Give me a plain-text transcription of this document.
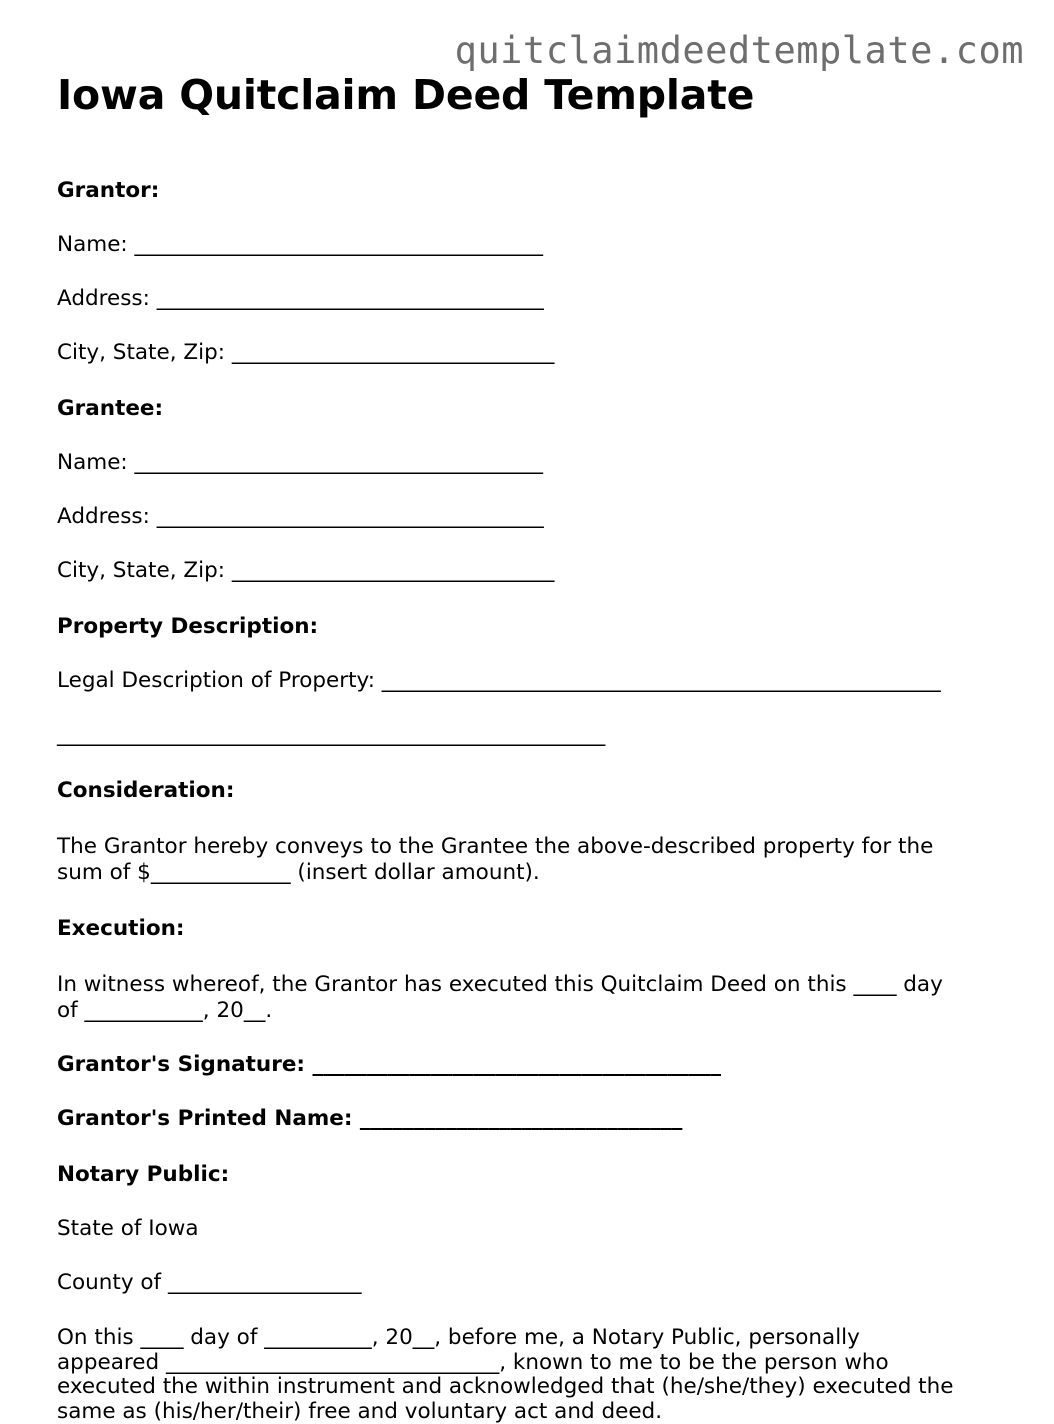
quitclaimdeedtemplate.com
Iowa Quitclaim Deed Template

Grantor:

Name: ______________________________________

Address: ____________________________________

City, State, Zip: ______________________________

Grantee:

Name: ______________________________________

Address: ____________________________________

City, State, Zip: ______________________________

Property Description:

Legal Description of Property: ____________________________________________________

___________________________________________________

Consideration:

The Grantor hereby conveys to the Grantee the above-described property for the sum of $_____________ (insert dollar amount).

Execution:

In witness whereof, the Grantor has executed this Quitclaim Deed on this ____ day of ___________, 20__.

Grantor's Signature: ______________________________________

Grantor's Printed Name: ______________________________

Notary Public:

State of Iowa

County of __________________

On this ____ day of __________, 20__, before me, a Notary Public, personally appeared _______________________________, known to me to be the person who executed the within instrument and acknowledged that (he/she/they) executed the same as (his/her/their) free and voluntary act and deed.
